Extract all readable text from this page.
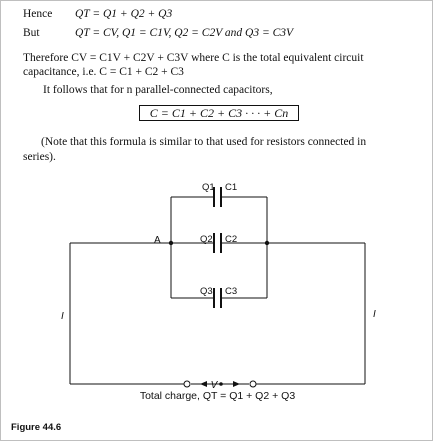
Hence QT = Q1 + Q2 + Q3
But	QT = CV, Q1 = C1V, Q2 = C2V and Q3 = C3V
Therefore CV = C1V + C2V + C3V where C is the total equivalent circuit
capacitance, i.e. C = C1 + C2 + C3
It follows that for n parallel-connected capacitors,
C = C1 + C2 + C3 · · · + Cn
(Note that this formula is similar to that used for resistors connected in
series).
A
I	I
V
Q1 C1
Q2 C2
Q3 C3
Total charge, QT = Q1 + Q2 + Q3
Figure 44.6
